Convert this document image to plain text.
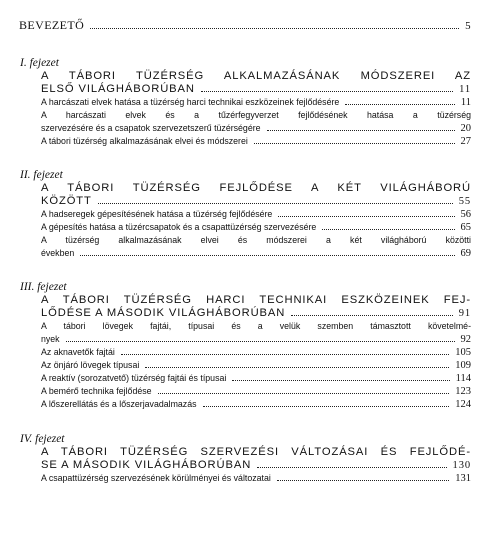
BEVEZETŐ	5
I. fejezet
A TÁBORI TÜZÉRSÉG ALKALMAZÁSÁNAK MÓDSZEREI AZ
ELSŐ VILÁGHÁBORÚBAN	11
A harcászati elvek hatása a tüzérség harci technikai eszközeinek fejlődésére	11
A harcászati elvek és a tűzérfegyverzet fejlődésének hatása a tüzérség
szervezésére és a csapatok szervezetszerű tüzérségére	20
A tábori tüzérség alkalmazásának elvei és módszerei	27
II. fejezet
A TÁBORI TÜZÉRSÉG FEJLŐDÉSE A KÉT VILÁGHÁBORÚ
KÖZÖTT	55
A hadseregek gépesítésének hatása a tüzérség fejlődésére	56
A gépesítés hatása a tüzércsapatok és a csapattüzérség szervezésére	65
A tüzérség alkalmazásának elvei és módszerei a két világháború közötti
években	69
III. fejezet
A TÁBORI TÜZÉRSÉG HARCI TECHNIKAI ESZKÖZEINEK FEJ-
LŐDÉSE A MÁSODIK VILÁGHÁBORÚBAN	91
A tábori lövegek fajtái, típusai és a velük szemben támasztott követelmé-
nyek	92
Az aknavetők fajtái	105
Az önjáró lövegek típusai	109
A reaktív (sorozatvető) tüzérség fajtái és típusai	114
A bemérő technika fejlődése	123
A lőszerellátás és a lőszerjavadalmazás	124
IV. fejezet
A TÁBORI TÜZÉRSÉG SZERVEZÉSI VÁLTOZÁSAI ÉS FEJLŐDÉ-
SE A MÁSODIK VILÁGHÁBORÚBAN	130
A csapattüzérség szervezésének körülményei és változatai	131
